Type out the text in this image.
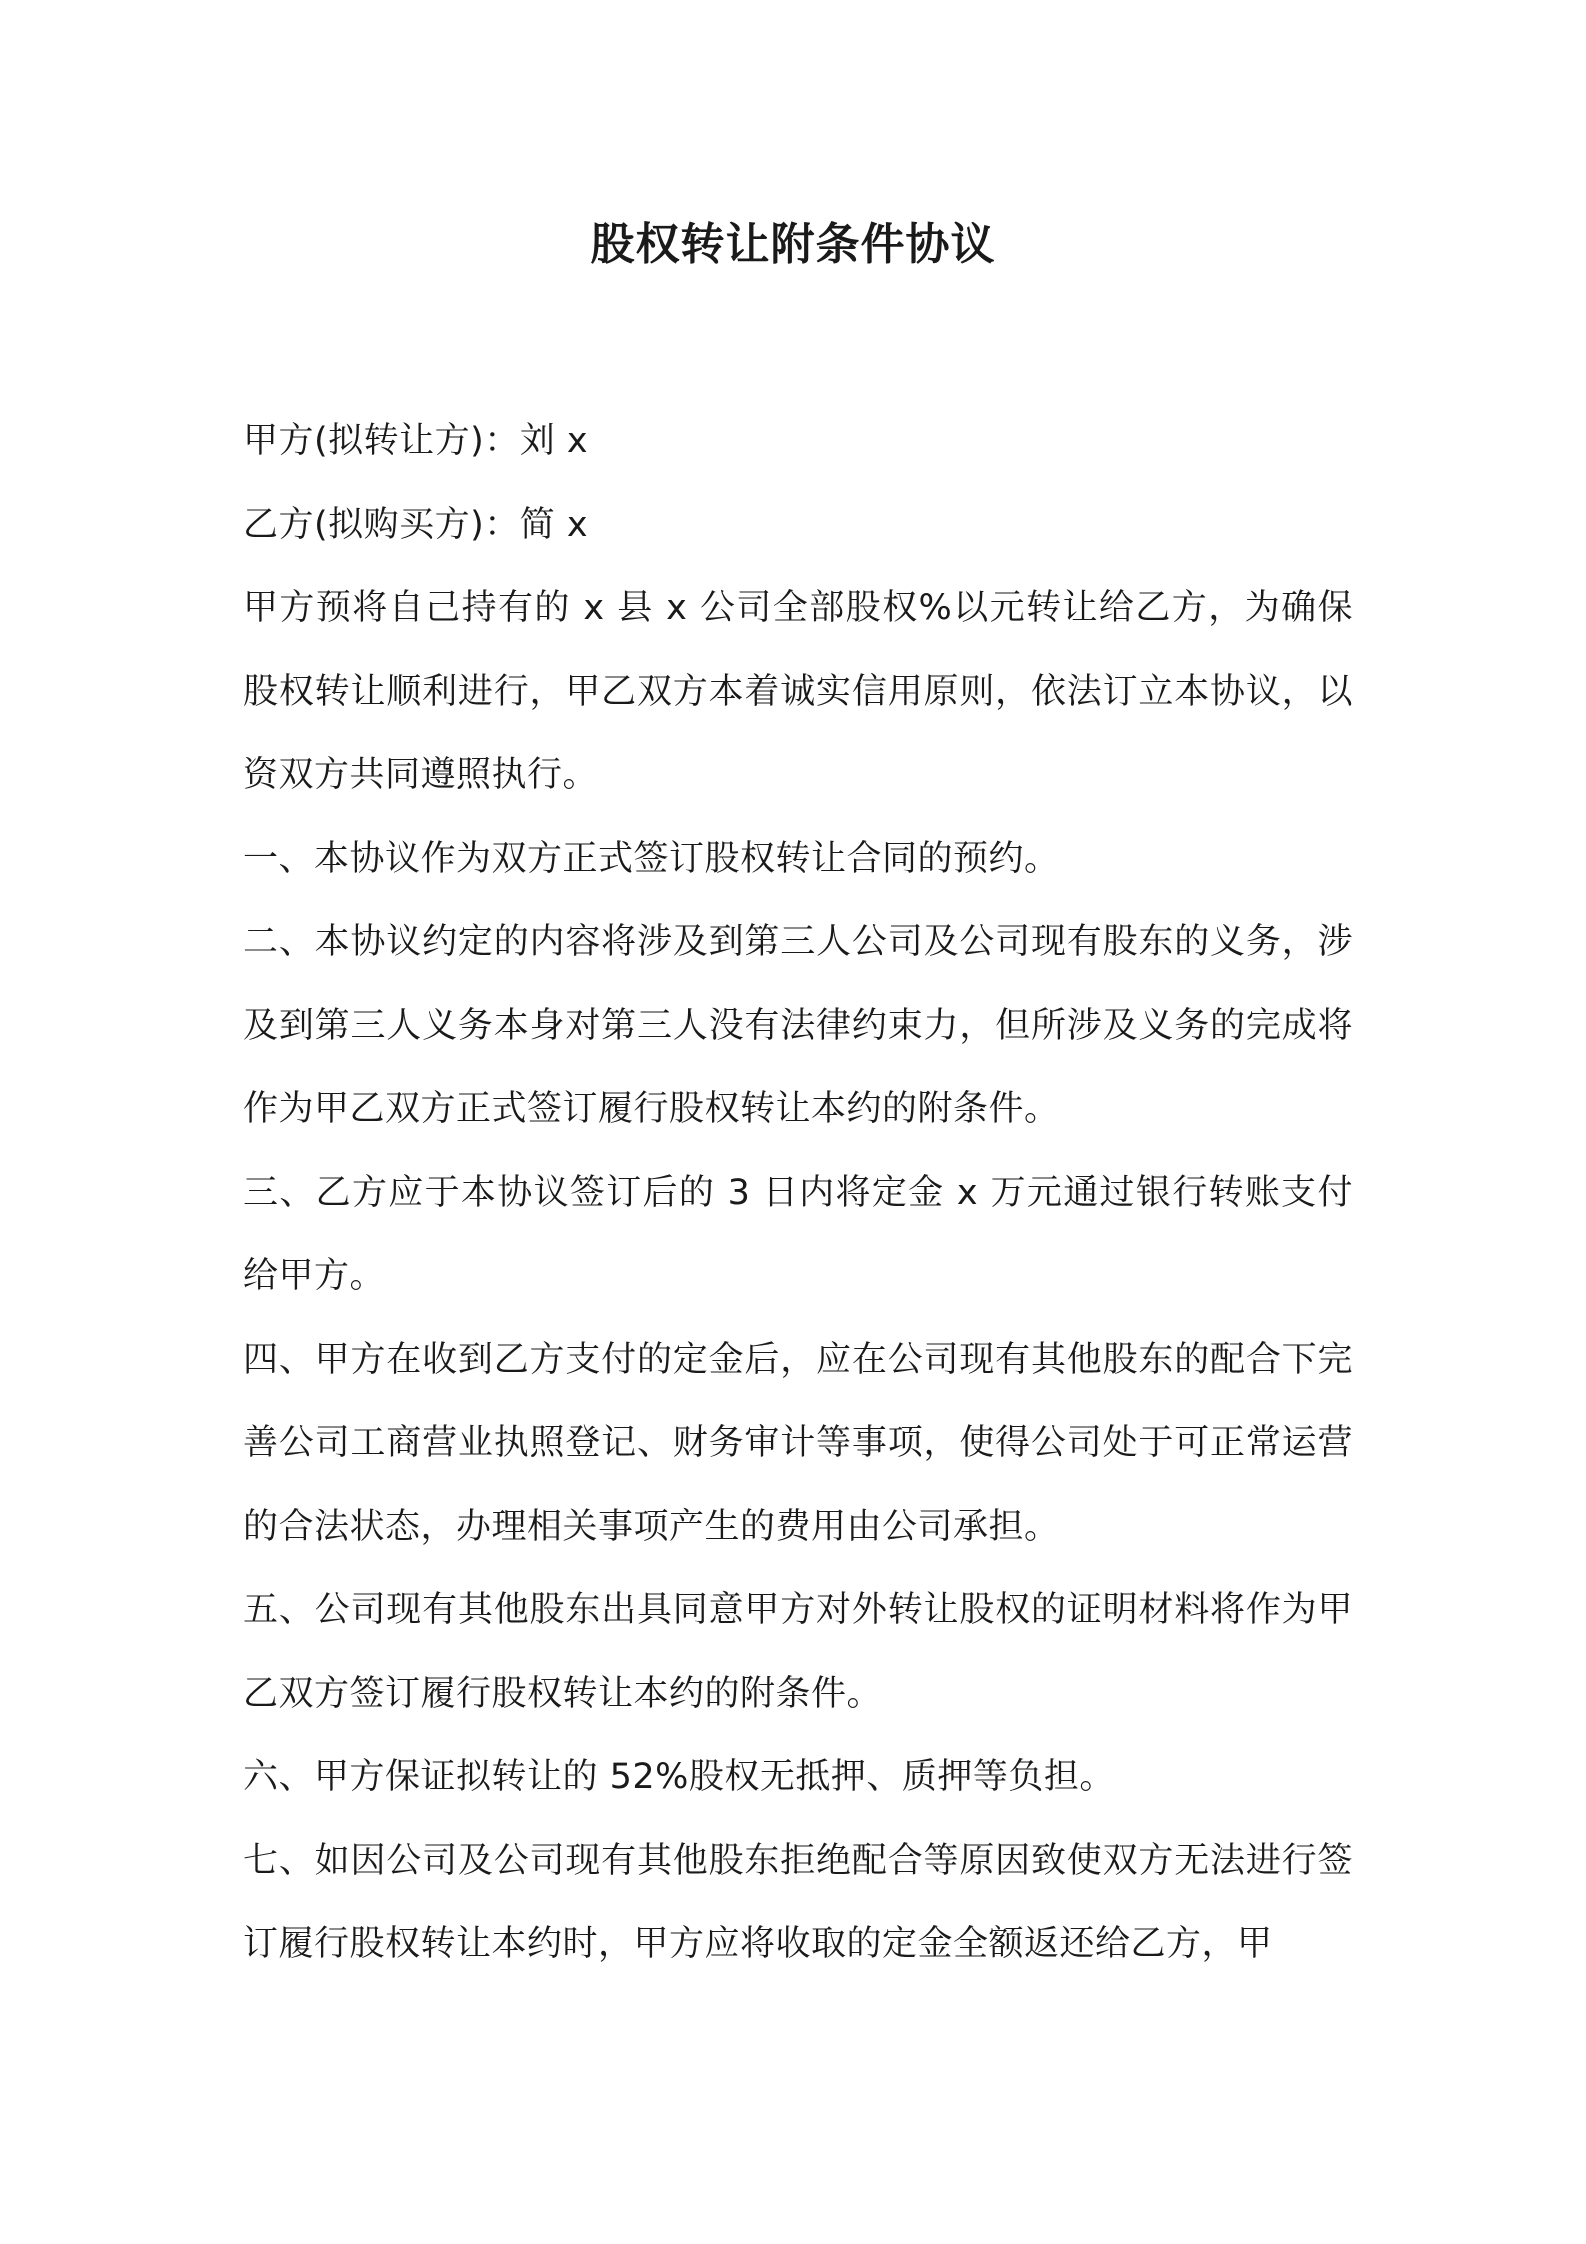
股权转让附条件协议

甲方(拟转让方)：刘 x

乙方(拟购买方)：简 x

甲方预将自己持有的 x 县 x 公司全部股权%以元转让给乙方，为确保股权转让顺利进行，甲乙双方本着诚实信用原则，依法订立本协议，以资双方共同遵照执行。

一、本协议作为双方正式签订股权转让合同的预约。

二、本协议约定的内容将涉及到第三人公司及公司现有股东的义务，涉及到第三人义务本身对第三人没有法律约束力，但所涉及义务的完成将作为甲乙双方正式签订履行股权转让本约的附条件。

三、乙方应于本协议签订后的 3 日内将定金 x 万元通过银行转账支付给甲方。

四、甲方在收到乙方支付的定金后，应在公司现有其他股东的配合下完善公司工商营业执照登记、财务审计等事项，使得公司处于可正常运营的合法状态，办理相关事项产生的费用由公司承担。

五、公司现有其他股东出具同意甲方对外转让股权的证明材料将作为甲乙双方签订履行股权转让本约的附条件。

六、甲方保证拟转让的 52%股权无抵押、质押等负担。

七、如因公司及公司现有其他股东拒绝配合等原因致使双方无法进行签订履行股权转让本约时，甲方应将收取的定金全额返还给乙方，甲
